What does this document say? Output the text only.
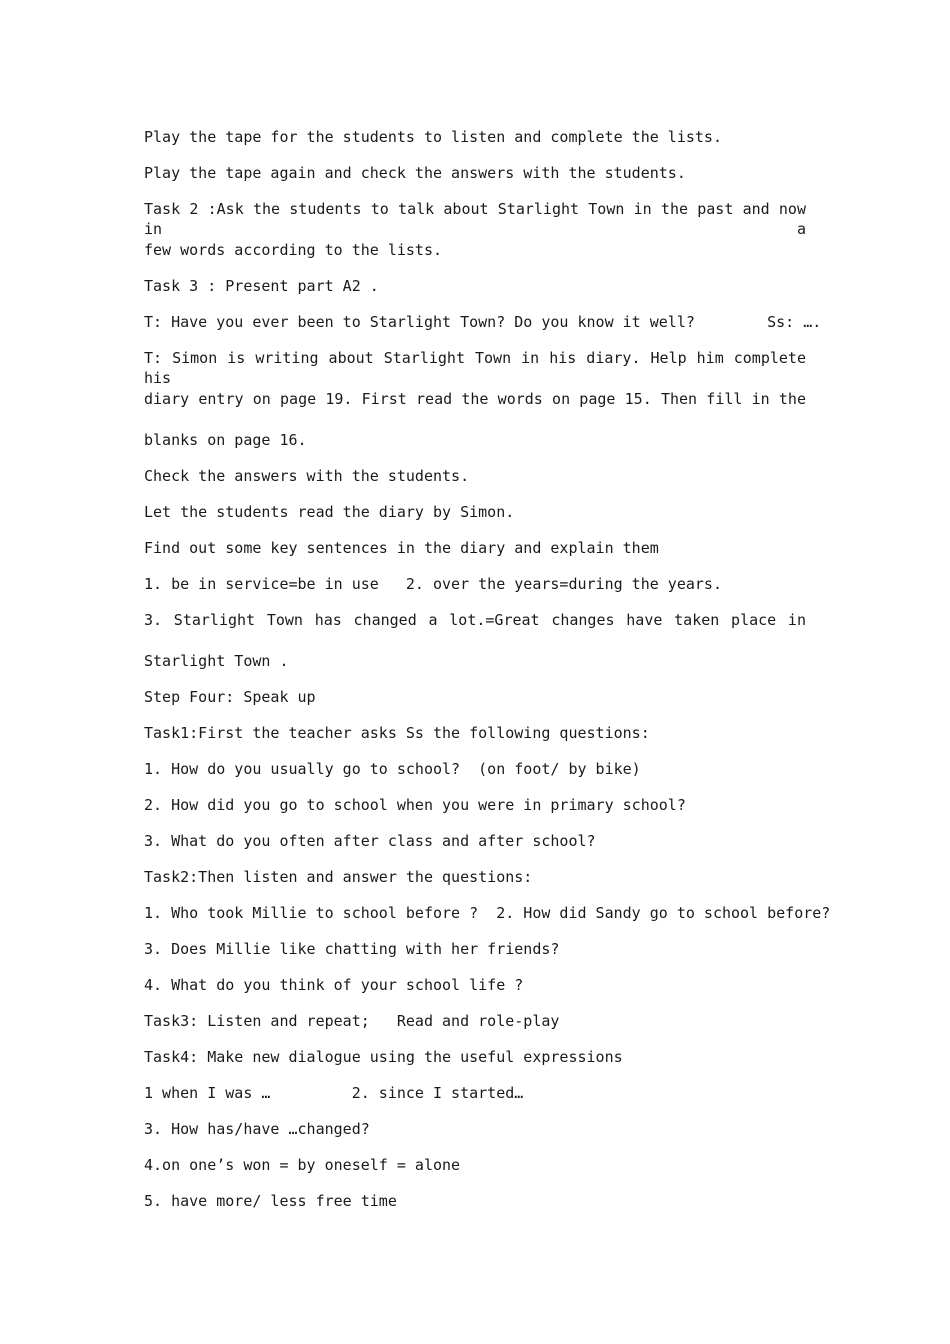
Play the tape for the students to listen and complete the lists.
Play the tape again and check the answers with the students.
Task 2 :Ask the students to talk about Starlight Town in the past and now in a
few words according to the lists.
Task 3 : Present part A2 .
T: Have you ever been to Starlight Town? Do you know it well?        Ss: ….
T: Simon is writing about Starlight Town in his diary. Help him complete his
diary entry on page 19. First read the words on page 15. Then fill in the
blanks on page 16.
Check the answers with the students.
Let the students read the diary by Simon.
Find out some key sentences in the diary and explain them
1. be in service=be in use   2. over the years=during the years.
3. Starlight Town has changed a lot.=Great changes have taken place in
Starlight Town .
Step Four: Speak up
Task1:First the teacher asks Ss the following questions:
1. How do you usually go to school?  (on foot/ by bike)
2. How did you go to school when you were in primary school?
3. What do you often after class and after school?
Task2:Then listen and answer the questions:
1. Who took Millie to school before ?  2. How did Sandy go to school before?
3. Does Millie like chatting with her friends?
4. What do you think of your school life ?
Task3: Listen and repeat;   Read and role-play
Task4: Make new dialogue using the useful expressions
1 when I was …         2. since I started…
3. How has/have …changed?
4.on one’s won = by oneself = alone
5. have more/ less free time
